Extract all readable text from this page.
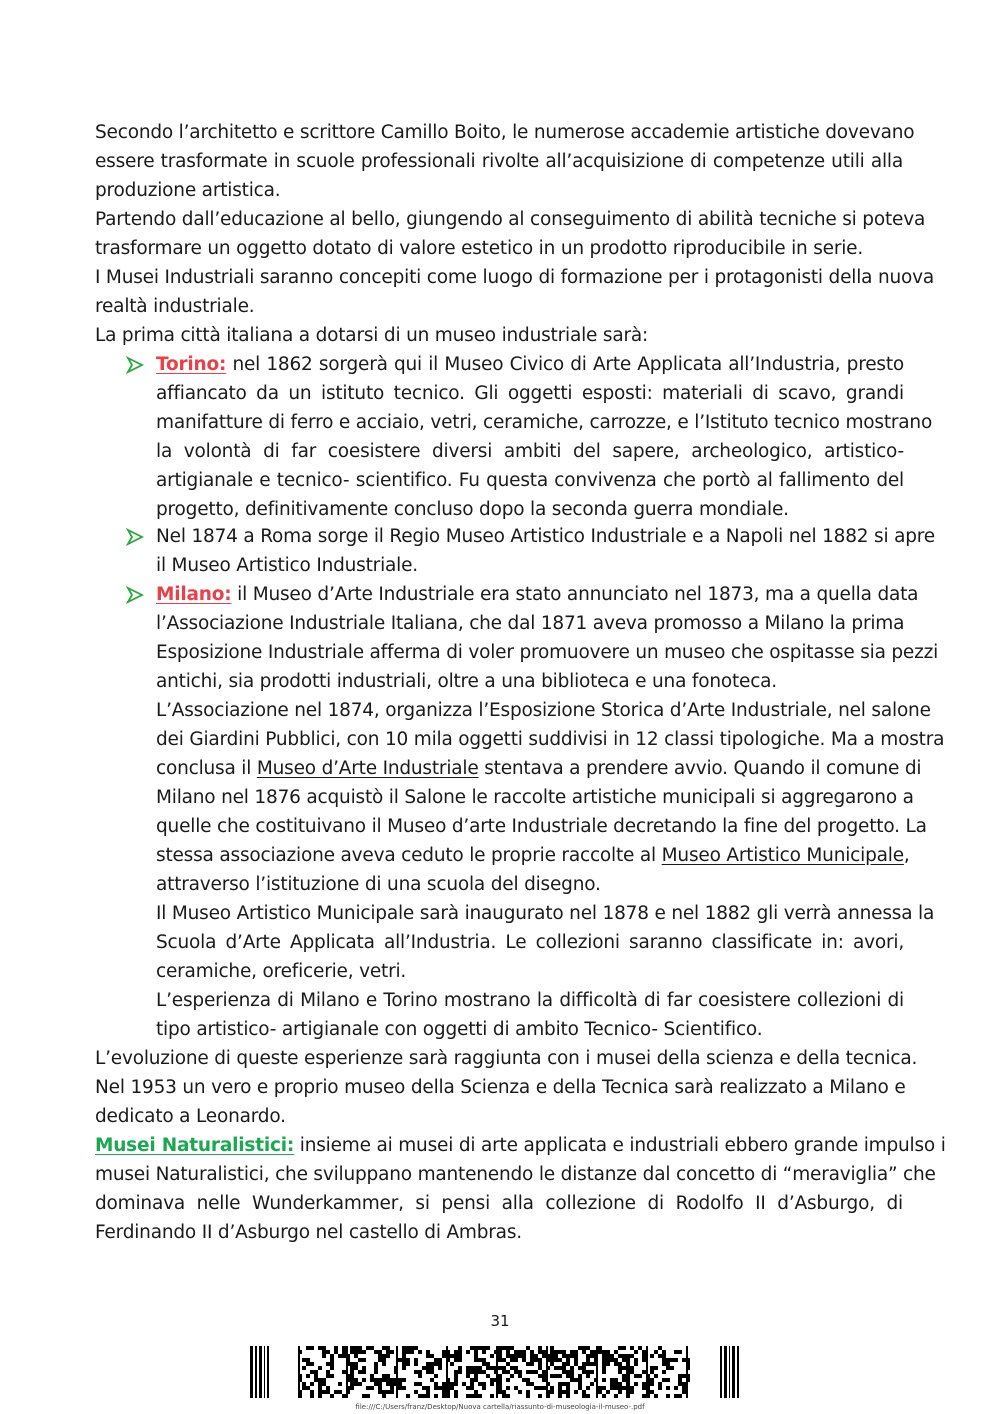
Secondo l’architetto e scrittore Camillo Boito, le numerose accademie artistiche dovevano
essere trasformate in scuole professionali rivolte all’acquisizione di competenze utili alla
produzione artistica.
Partendo dall’educazione al bello, giungendo al conseguimento di abilità tecniche si poteva
trasformare un oggetto dotato di valore estetico in un prodotto riproducibile in serie.
I Musei Industriali saranno concepiti come luogo di formazione per i protagonisti della nuova
realtà industriale.
La prima città italiana a dotarsi di un museo industriale sarà:
Torino: nel 1862 sorgerà qui il Museo Civico di Arte Applicata all’Industria, presto
affiancato da un istituto tecnico. Gli oggetti esposti: materiali di scavo, grandi
manifatture di ferro e acciaio, vetri, ceramiche, carrozze, e l’Istituto tecnico mostrano
la volontà di far coesistere diversi ambiti del sapere, archeologico, artistico-
artigianale e tecnico- scientifico. Fu questa convivenza che portò al fallimento del
progetto, definitivamente concluso dopo la seconda guerra mondiale.
Nel 1874 a Roma sorge il Regio Museo Artistico Industriale e a Napoli nel 1882 si apre
il Museo Artistico Industriale.
Milano: il Museo d’Arte Industriale era stato annunciato nel 1873, ma a quella data
l’Associazione Industriale Italiana, che dal 1871 aveva promosso a Milano la prima
Esposizione Industriale afferma di voler promuovere un museo che ospitasse sia pezzi
antichi, sia prodotti industriali, oltre a una biblioteca e una fonoteca.
L’Associazione nel 1874, organizza l’Esposizione Storica d’Arte Industriale, nel salone
dei Giardini Pubblici, con 10 mila oggetti suddivisi in 12 classi tipologiche. Ma a mostra
conclusa il Museo d’Arte Industriale stentava a prendere avvio. Quando il comune di
Milano nel 1876 acquistò il Salone le raccolte artistiche municipali si aggregarono a
quelle che costituivano il Museo d’arte Industriale decretando la fine del progetto. La
stessa associazione aveva ceduto le proprie raccolte al Museo Artistico Municipale,
attraverso l’istituzione di una scuola del disegno.
Il Museo Artistico Municipale sarà inaugurato nel 1878 e nel 1882 gli verrà annessa la
Scuola d’Arte Applicata all’Industria. Le collezioni saranno classificate in: avori,
ceramiche, oreficerie, vetri.
L’esperienza di Milano e Torino mostrano la difficoltà di far coesistere collezioni di
tipo artistico- artigianale con oggetti di ambito Tecnico- Scientifico.
L’evoluzione di queste esperienze sarà raggiunta con i musei della scienza e della tecnica.
Nel 1953 un vero e proprio museo della Scienza e della Tecnica sarà realizzato a Milano e
dedicato a Leonardo.
Musei Naturalistici: insieme ai musei di arte applicata e industriali ebbero grande impulso i
musei Naturalistici, che sviluppano mantenendo le distanze dal concetto di “meraviglia” che
dominava nelle Wunderkammer, si pensi alla collezione di Rodolfo II d’Asburgo, di
Ferdinando II d’Asburgo nel castello di Ambras.
31
file:///C:/Users/franz/Desktop/Nuova cartella/riassunto-di-museologia-il-museo-.pdf
